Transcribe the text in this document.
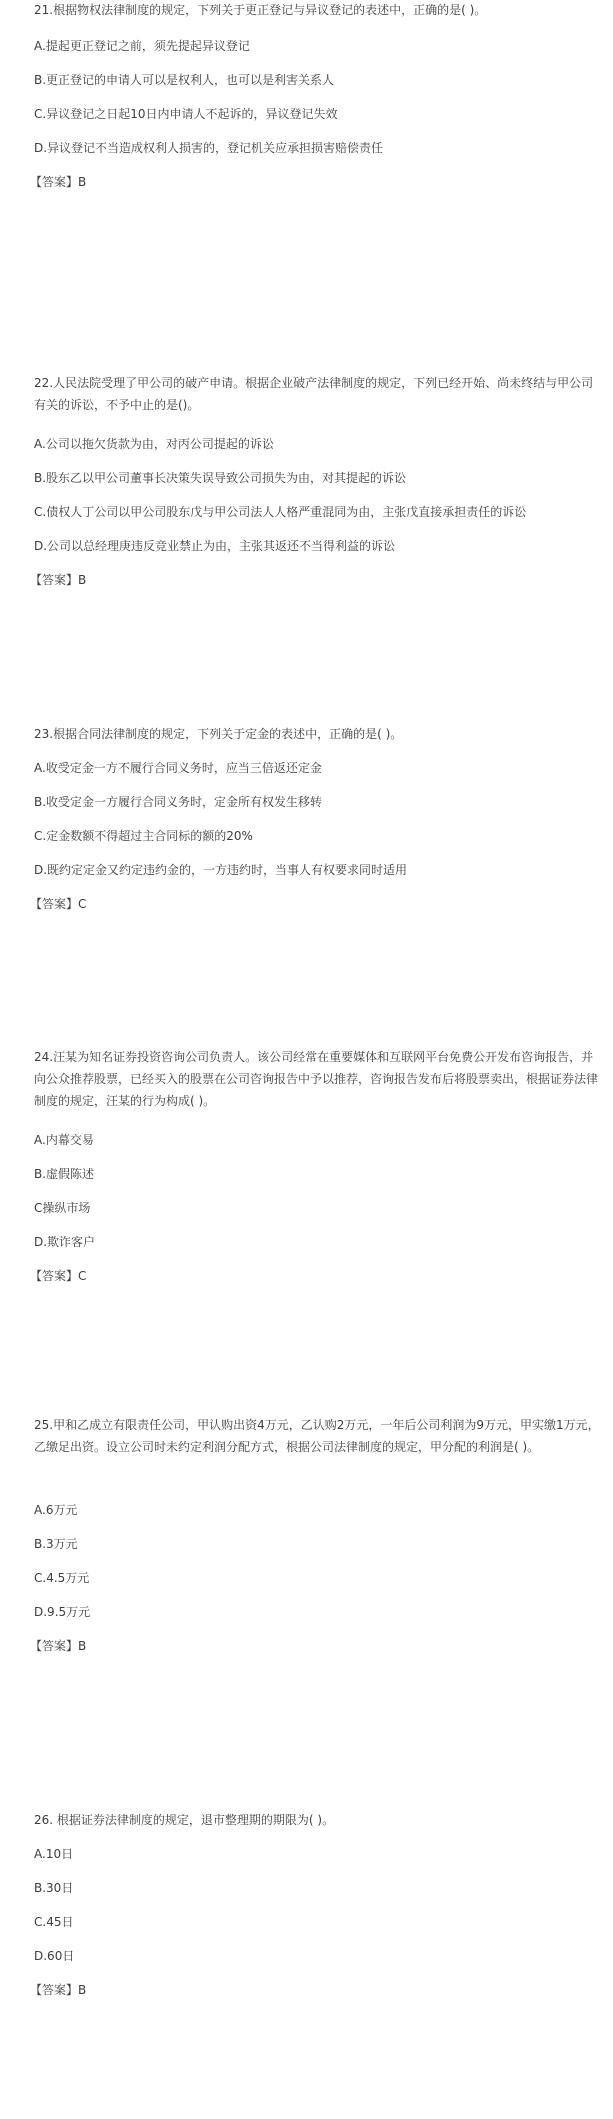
21.根据物权法律制度的规定，下列关于更正登记与异议登记的表述中，正确的是( )。
A.提起更正登记之前，须先提起异议登记
B.更正登记的申请人可以是权利人，也可以是利害关系人
C.异议登记之日起10日内申请人不起诉的，异议登记失效
D.异议登记不当造成权利人损害的，登记机关应承担损害赔偿责任
【答案】B
22.人民法院受理了甲公司的破产申请。根据企业破产法律制度的规定，下列已经开始、尚未终结与甲公司有关的诉讼，不予中止的是()。
A.公司以拖欠货款为由，对丙公司提起的诉讼
B.股东乙以甲公司董事长决策失误导致公司损失为由，对其提起的诉讼
C.债权人丁公司以甲公司股东戊与甲公司法人人格严重混同为由，主张戊直接承担责任的诉讼
D.公司以总经理庚违反竞业禁止为由，主张其返还不当得利益的诉讼
【答案】B
23.根据合同法律制度的规定，下列关于定金的表述中，正确的是( )。
A.收受定金一方不履行合同义务时，应当三倍返还定金
B.收受定金一方履行合同义务时，定金所有权发生移转
C.定金数额不得超过主合同标的额的20%
D.既约定定金又约定违约金的，一方违约时，当事人有权要求同时适用
【答案】C
24.汪某为知名证券投资咨询公司负责人。该公司经常在重要媒体和互联网平台免费公开发布咨询报告，并向公众推荐股票，已经买入的股票在公司咨询报告中予以推荐，咨询报告发布后将股票卖出，根据证券法律制度的规定，汪某的行为构成( )。
A.内幕交易
B.虚假陈述
C操纵市场
D.欺诈客户
【答案】C
25.甲和乙成立有限责任公司，甲认购出资4万元，乙认购2万元，一年后公司利润为9万元，甲实缴1万元，乙缴足出资。设立公司时未约定利润分配方式，根据公司法律制度的规定，甲分配的利润是( )。
A.6万元
B.3万元
C.4.5万元
D.9.5万元
【答案】B
26. 根据证券法律制度的规定，退市整理期的期限为( )。
A.10日
B.30日
C.45日
D.60日
【答案】B
